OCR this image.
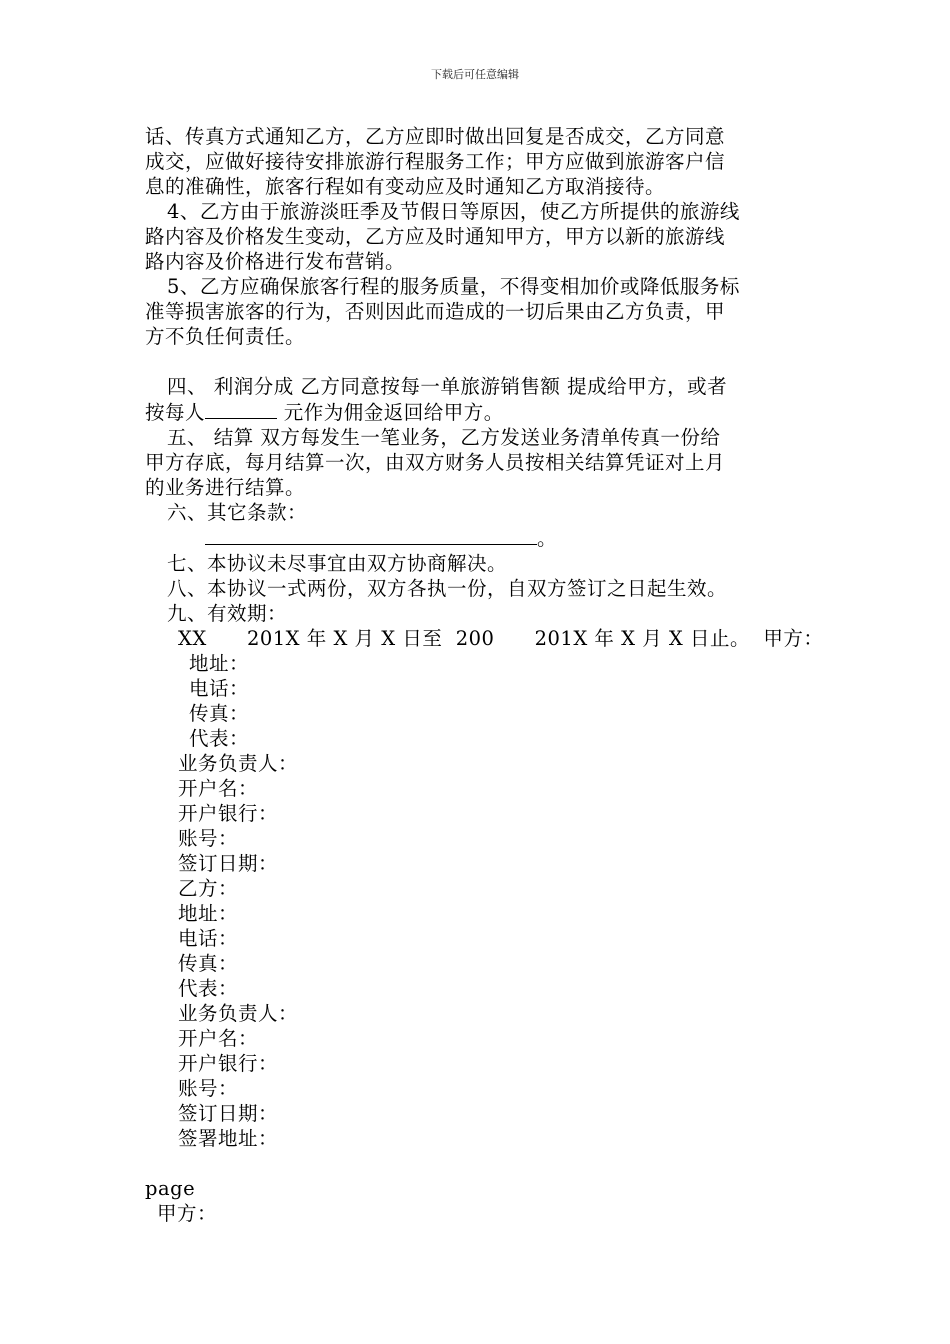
下载后可任意编辑

话、传真方式通知乙方，乙方应即时做出回复是否成交，乙方同意

成交，应做好接待安排旅游行程服务工作；甲方应做到旅游客户信

息的准确性，旅客行程如有变动应及时通知乙方取消接待。

4、乙方由于旅游淡旺季及节假日等原因，使乙方所提供的旅游线

路内容及价格发生变动，乙方应及时通知甲方，甲方以新的旅游线

路内容及价格进行发布营销。

5、乙方应确保旅客行程的服务质量，不得变相加价或降低服务标

准等损害旅客的行为，否则因此而造成的一切后果由乙方负责，甲

方不负任何责任。

四、 利润分成 乙方同意按每一单旅游销售额 提成给甲方，或者

按每人	元作为佣金返回给甲方。

五、 结算 双方每发生一笔业务，乙方发送业务清单传真一份给

甲方存底，每月结算一次，由双方财务人员按相关结算凭证对上月

的业务进行结算。

六、其它条款：

。

七、本协议未尽事宜由双方协商解决。

八、本协议一式两份，双方各执一份，自双方签订之日起生效。

九、有效期：

XX      201X 年 X 月 X 日至  200      201X 年 X 月 X 日止。  甲方：

地址：

电话：

传真：

代表：

业务负责人：

开户名：

开户银行：

账号：

签订日期：

乙方：

地址：

电话：

传真：

代表：

业务负责人：

开户名：

开户银行：

账号：

签订日期：

签署地址：

page

甲方：
